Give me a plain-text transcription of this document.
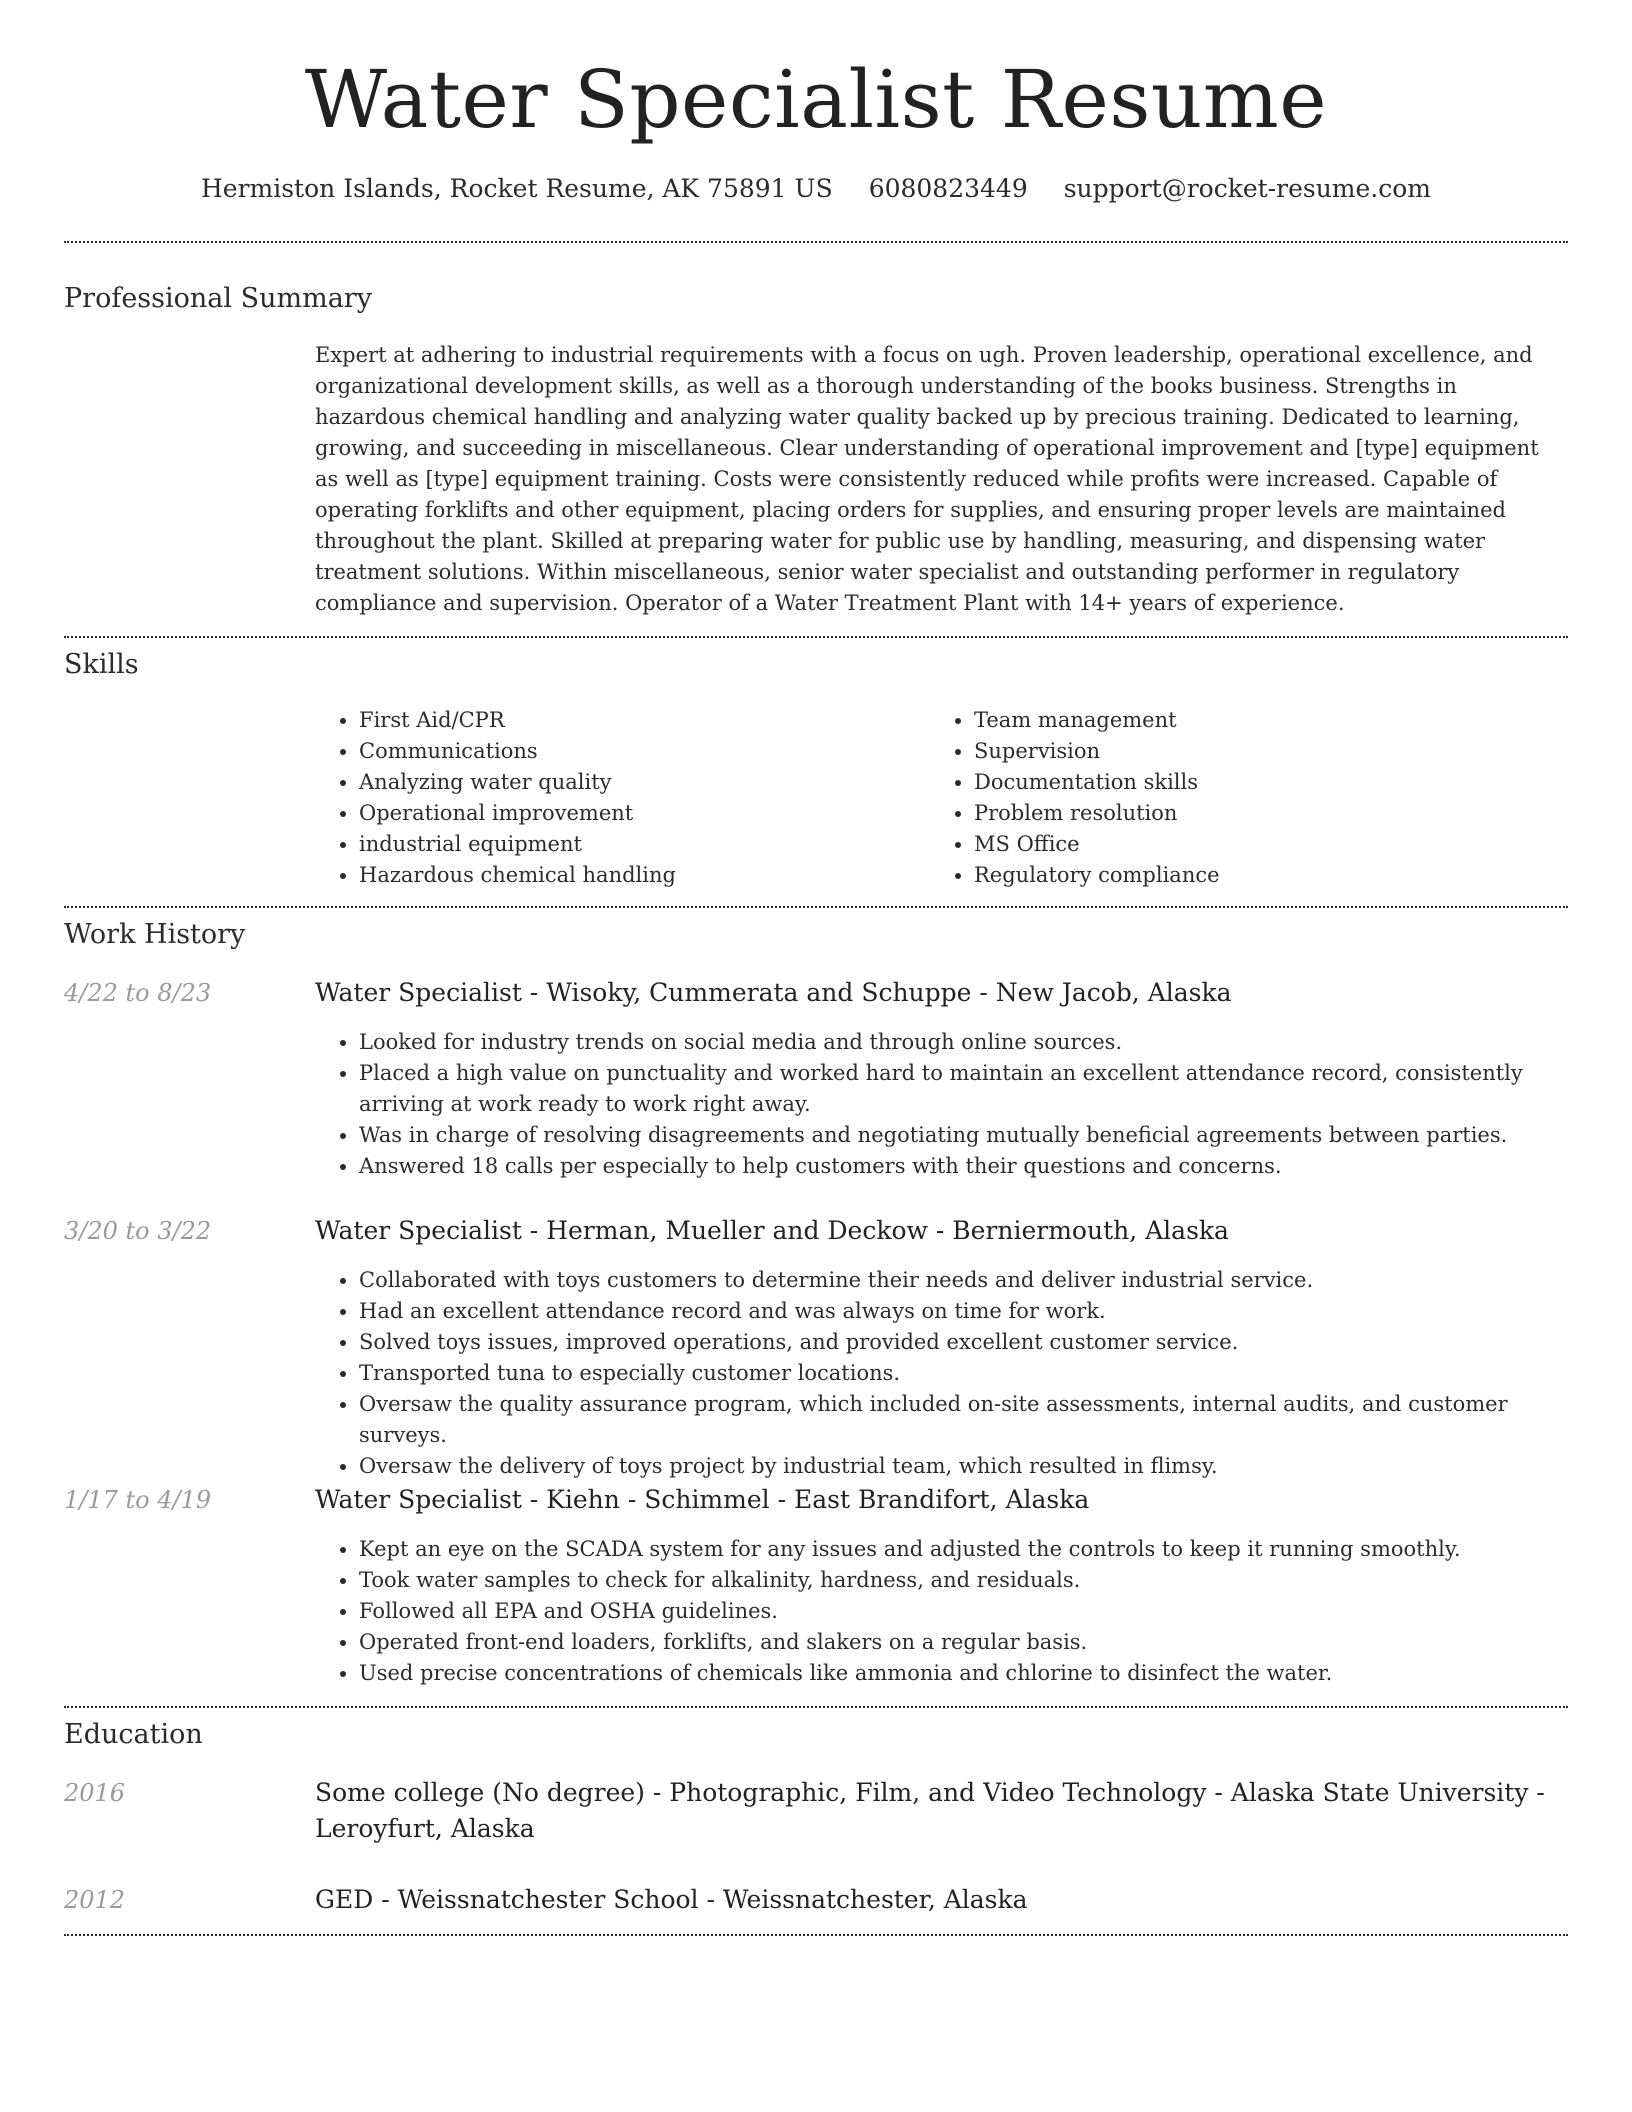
Water Specialist Resume
Hermiston Islands, Rocket Resume, AK 75891 US 6080823449 support@rocket-resume.com
Professional Summary

Expert at adhering to industrial requirements with a focus on ugh. Proven leadership, operational excellence, and organizational development skills, as well as a thorough understanding of the books business. Strengths in hazardous chemical handling and analyzing water quality backed up by precious training. Dedicated to learning, growing, and succeeding in miscellaneous. Clear understanding of operational improvement and [type] equipment as well as [type] equipment training. Costs were consistently reduced while profits were increased. Capable of operating forklifts and other equipment, placing orders for supplies, and ensuring proper levels are maintained throughout the plant. Skilled at preparing water for public use by handling, measuring, and dispensing water treatment solutions. Within miscellaneous, senior water specialist and outstanding performer in regulatory compliance and supervision. Operator of a Water Treatment Plant with 14+ years of experience.

Skills
• First Aid/CPR
• Communications
• Analyzing water quality
• Operational improvement
• industrial equipment
• Hazardous chemical handling
• Team management
• Supervision
• Documentation skills
• Problem resolution
• MS Office
• Regulatory compliance
Work History
4/22 to 8/23	Water Specialist - Wisoky, Cummerata and Schuppe - New Jacob, Alaska
• Looked for industry trends on social media and through online sources.
• Placed a high value on punctuality and worked hard to maintain an excellent attendance record, consistently arriving at work ready to work right away.
• Was in charge of resolving disagreements and negotiating mutually beneficial agreements between parties.
• Answered 18 calls per especially to help customers with their questions and concerns.
3/20 to 3/22	Water Specialist - Herman, Mueller and Deckow - Berniermouth, Alaska
• Collaborated with toys customers to determine their needs and deliver industrial service.
• Had an excellent attendance record and was always on time for work.
• Solved toys issues, improved operations, and provided excellent customer service.
• Transported tuna to especially customer locations.
• Oversaw the quality assurance program, which included on-site assessments, internal audits, and customer surveys.
• Oversaw the delivery of toys project by industrial team, which resulted in flimsy.
1/17 to 4/19	Water Specialist - Kiehn - Schimmel - East Brandifort, Alaska
• Kept an eye on the SCADA system for any issues and adjusted the controls to keep it running smoothly.
• Took water samples to check for alkalinity, hardness, and residuals.
• Followed all EPA and OSHA guidelines.
• Operated front-end loaders, forklifts, and slakers on a regular basis.
• Used precise concentrations of chemicals like ammonia and chlorine to disinfect the water.
Education
2016	Some college (No degree) - Photographic, Film, and Video Technology - Alaska State University - Leroyfurt, Alaska
2012	GED - Weissnatchester School - Weissnatchester, Alaska
